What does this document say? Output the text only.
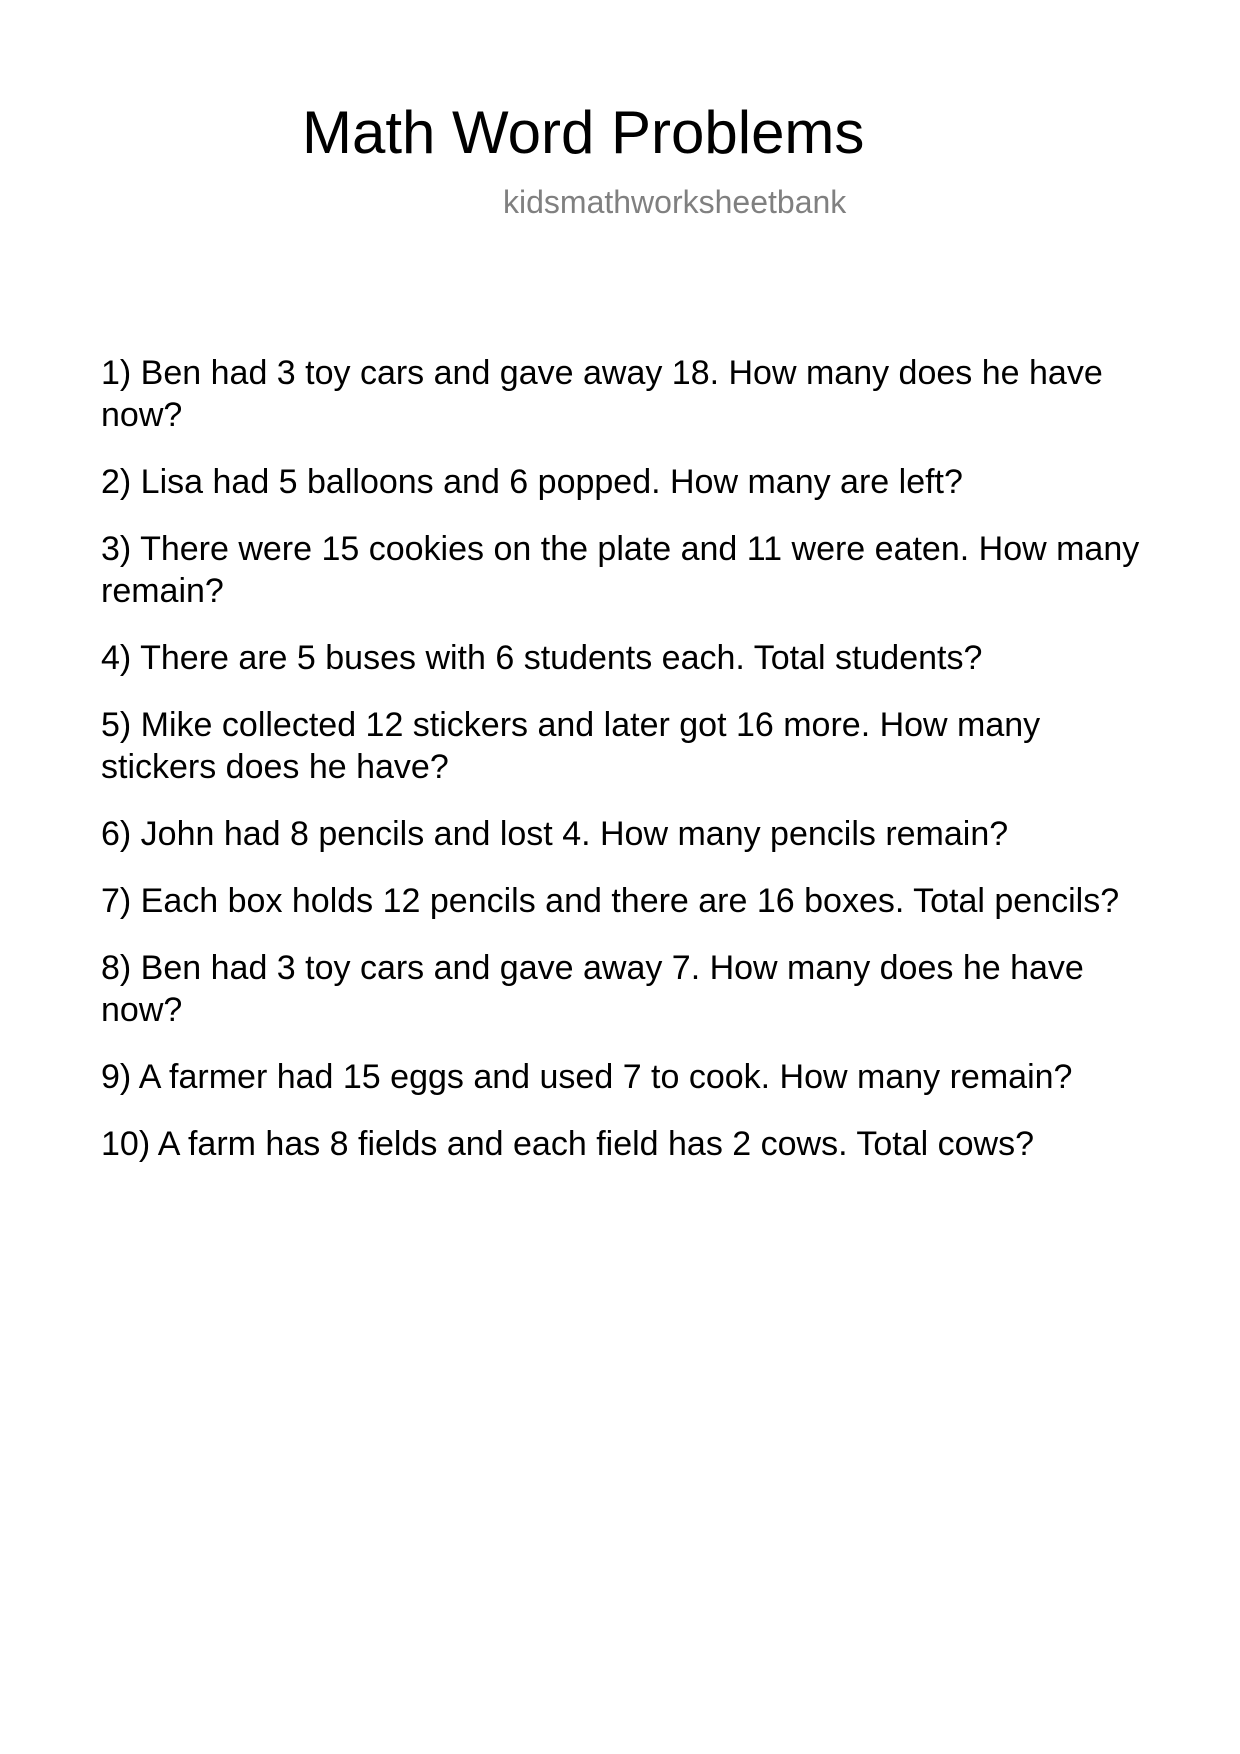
Math Word Problems
kidsmathworksheetbank
1) Ben had 3 toy cars and gave away 18. How many does he have now?
2) Lisa had 5 balloons and 6 popped. How many are left?
3) There were 15 cookies on the plate and 11 were eaten. How many remain?
4) There are 5 buses with 6 students each. Total students?
5) Mike collected 12 stickers and later got 16 more. How many stickers does he have?
6) John had 8 pencils and lost 4. How many pencils remain?
7) Each box holds 12 pencils and there are 16 boxes. Total pencils?
8) Ben had 3 toy cars and gave away 7. How many does he have now?
9) A farmer had 15 eggs and used 7 to cook. How many remain?
10) A farm has 8 fields and each field has 2 cows. Total cows?
